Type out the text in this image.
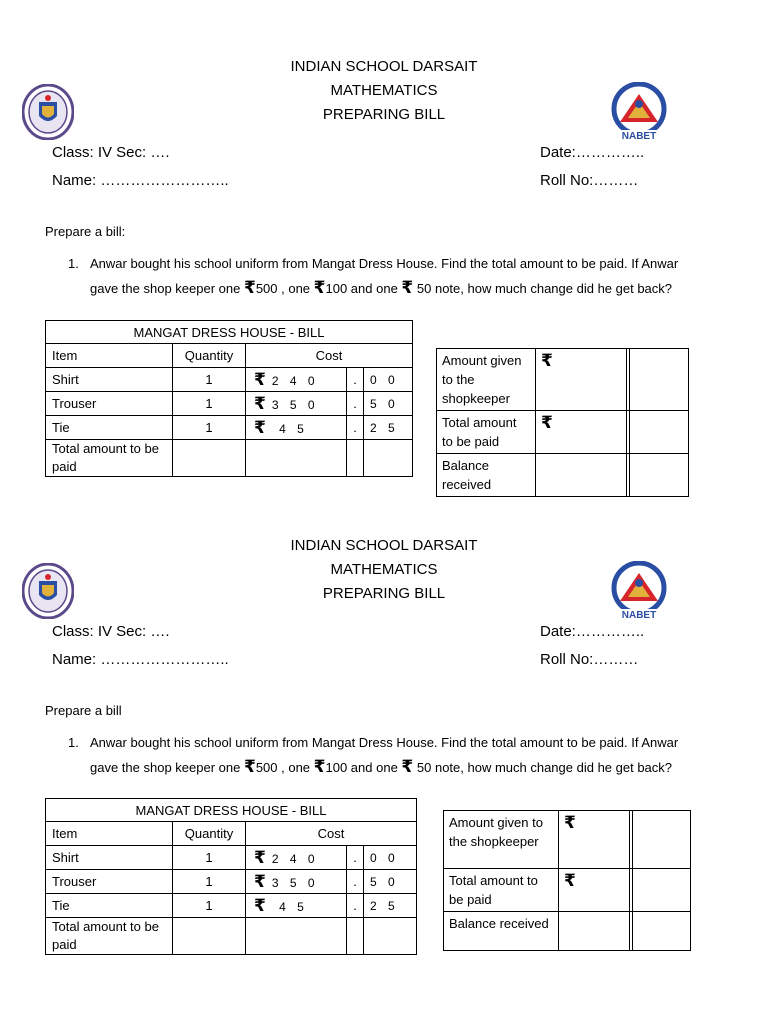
INDIAN SCHOOL DARSAIT
MATHEMATICS
PREPARING BILL
NABET
Class: IV Sec: ….	Date:…………..
Name: ……………………..	Roll No:………
Prepare a bill:
1. Anwar bought his school uniform from Mangat Dress House. Find the total amount to be paid. If Anwar
gave the shop keeper one ₹500 , one ₹100 and one ₹ 50 note, how much change did he get back?
MANGAT DRESS HOUSE - BILL				
Item	Quantity	Cost		
Shirt	1	₹ 2 4 0	.	0 0
Trouser	1	₹ 3 5 0	.	5 0
Tie	1	₹ 4 5	.	2 5
Total amount to be paid				
Amount given to the shopkeeper	₹		
Total amount to be paid	₹		
Balance received			
INDIAN SCHOOL DARSAIT
MATHEMATICS
PREPARING BILL
NABET
Class: IV Sec: ….	Date:…………..
Name: ……………………..	Roll No:………
Prepare a bill
1. Anwar bought his school uniform from Mangat Dress House. Find the total amount to be paid. If Anwar
gave the shop keeper one ₹500 , one ₹100 and one ₹ 50 note, how much change did he get back?
MANGAT DRESS HOUSE - BILL				
Item	Quantity	Cost		
Shirt	1	₹ 2 4 0	.	0 0
Trouser	1	₹ 3 5 0	.	5 0
Tie	1	₹ 4 5	.	2 5
Total amount to be paid				
Amount given to the shopkeeper	₹		
Total amount to be paid	₹		
Balance received			
